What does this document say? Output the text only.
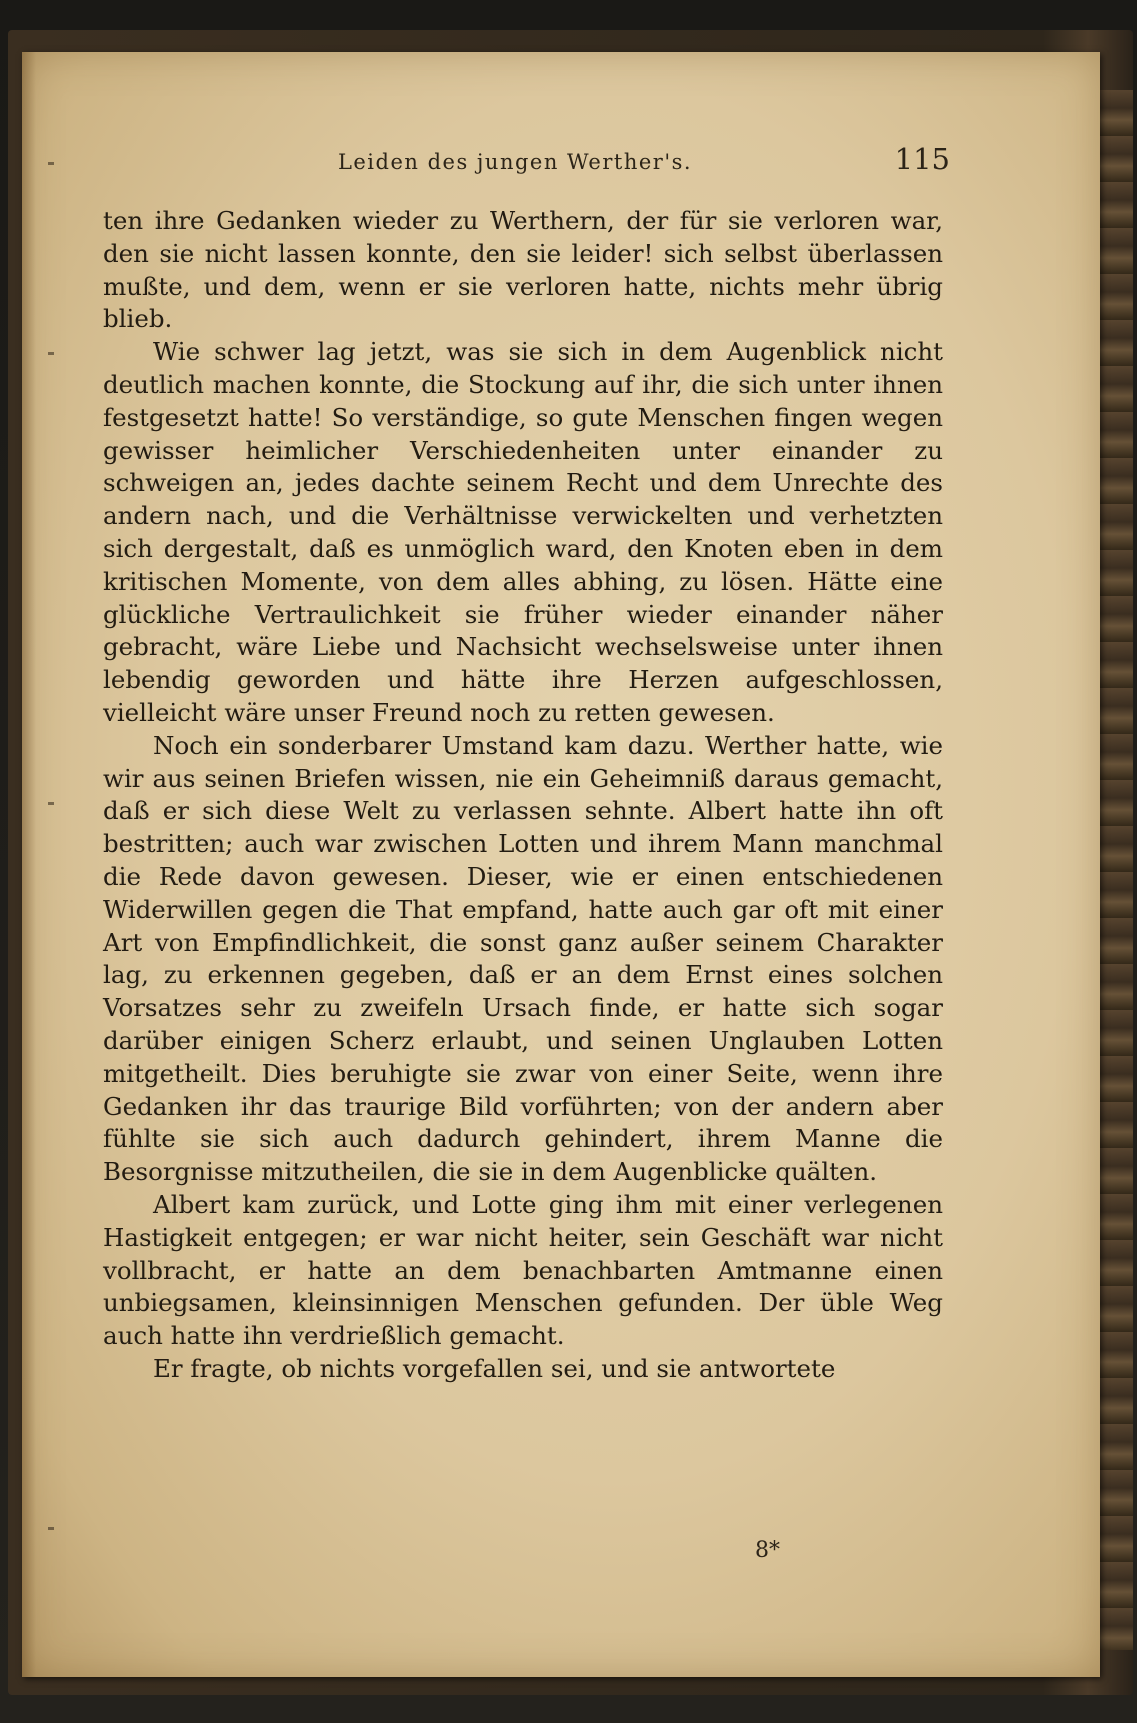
Leiden des jungen Werther's.	115

ten ihre Gedanken wieder zu Werthern, der für sie verloren war, den sie nicht lassen konnte, den sie leider! sich selbst überlassen mußte, und dem, wenn er sie verloren hatte, nichts mehr übrig blieb.

Wie schwer lag jetzt, was sie sich in dem Augenblick nicht deutlich machen konnte, die Stockung auf ihr, die sich unter ihnen festgesetzt hatte! So verständige, so gute Menschen fingen wegen gewisser heimlicher Verschiedenheiten unter einander zu schweigen an, jedes dachte seinem Recht und dem Unrechte des andern nach, und die Verhältnisse verwickelten und verhetzten sich dergestalt, daß es unmöglich ward, den Knoten eben in dem kritischen Momente, von dem alles abhing, zu lösen. Hätte eine glückliche Vertraulichkeit sie früher wieder einander näher gebracht, wäre Liebe und Nachsicht wechselsweise unter ihnen lebendig geworden und hätte ihre Herzen aufgeschlossen, vielleicht wäre unser Freund noch zu retten gewesen.

Noch ein sonderbarer Umstand kam dazu. Werther hatte, wie wir aus seinen Briefen wissen, nie ein Geheimniß daraus gemacht, daß er sich diese Welt zu verlassen sehnte. Albert hatte ihn oft bestritten; auch war zwischen Lotten und ihrem Mann manchmal die Rede davon gewesen. Dieser, wie er einen entschiedenen Widerwillen gegen die That empfand, hatte auch gar oft mit einer Art von Empfindlichkeit, die sonst ganz außer seinem Charakter lag, zu erkennen gegeben, daß er an dem Ernst eines solchen Vorsatzes sehr zu zweifeln Ursach finde, er hatte sich sogar darüber einigen Scherz erlaubt, und seinen Unglauben Lotten mitgetheilt. Dies beruhigte sie zwar von einer Seite, wenn ihre Gedanken ihr das traurige Bild vorführten; von der andern aber fühlte sie sich auch dadurch gehindert, ihrem Manne die Besorgnisse mitzutheilen, die sie in dem Augenblicke quälten.

Albert kam zurück, und Lotte ging ihm mit einer verlegenen Hastigkeit entgegen; er war nicht heiter, sein Geschäft war nicht vollbracht, er hatte an dem benachbarten Amtmanne einen unbiegsamen, kleinsinnigen Menschen gefunden. Der üble Weg auch hatte ihn verdrießlich gemacht.

Er fragte, ob nichts vorgefallen sei, und sie antwortete

8*
